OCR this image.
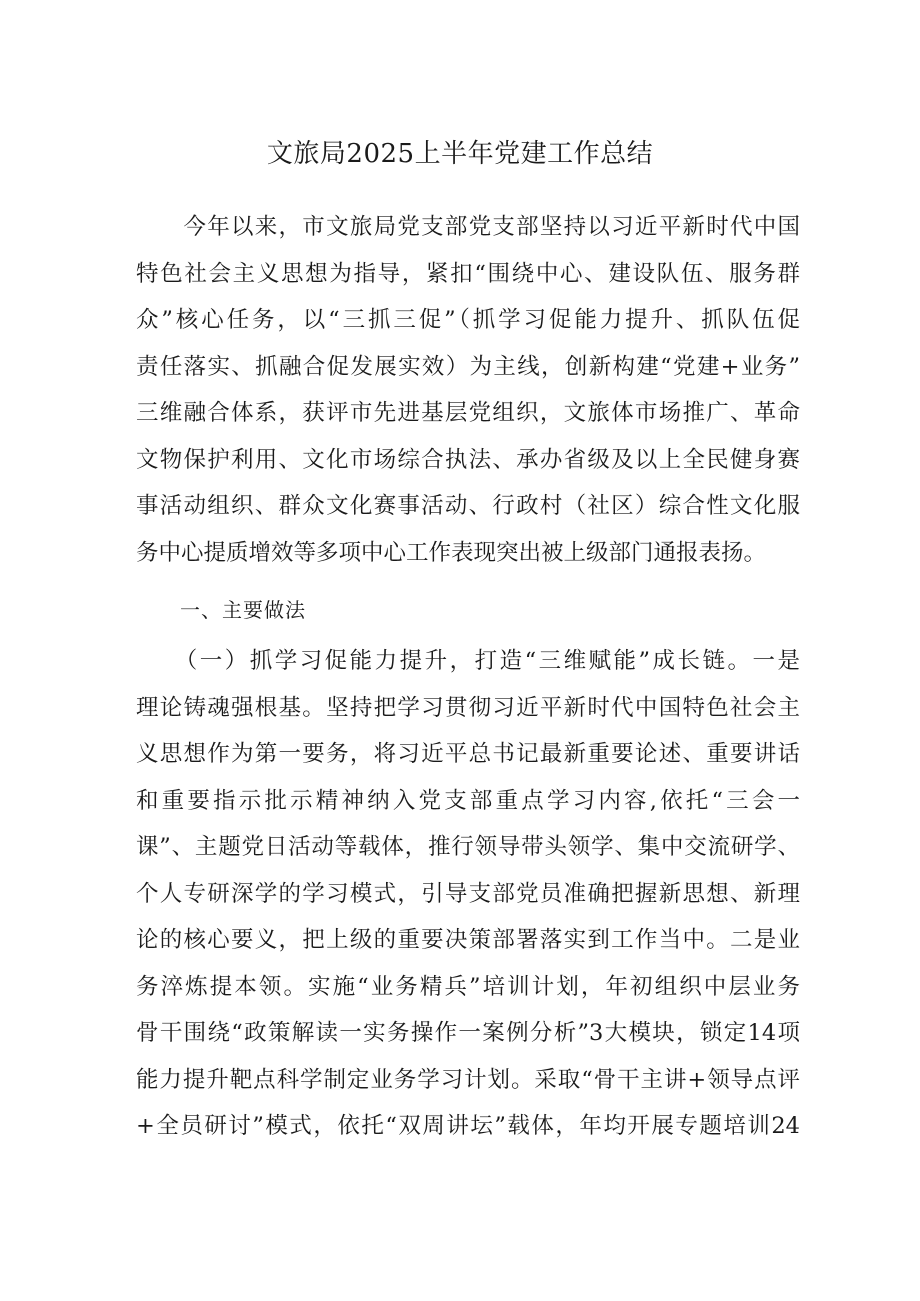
文旅局2025上半年党建工作总结
　　今年以来，市文旅局党支部党支部坚持以习近平新时代中国
特色社会主义思想为指导，紧扣“围绕中心、建设队伍、服务群
众”核心任务，以“三抓三促”（抓学习促能力提升、抓队伍促
责任落实、抓融合促发展实效）为主线，创新构建“党建+业务”
三维融合体系，获评市先进基层党组织，文旅体市场推广、革命
文物保护利用、文化市场综合执法、承办省级及以上全民健身赛
事活动组织、群众文化赛事活动、行政村（社区）综合性文化服
务中心提质增效等多项中心工作表现突出被上级部门通报表扬。
一、主要做法
　　（一）抓学习促能力提升，打造“三维赋能”成长链。一是
理论铸魂强根基。坚持把学习贯彻习近平新时代中国特色社会主
义思想作为第一要务，将习近平总书记最新重要论述、重要讲话
和重要指示批示精神纳入党支部重点学习内容,依托“三会一
课”、主题党日活动等载体，推行领导带头领学、集中交流研学、
个人专研深学的学习模式，引导支部党员准确把握新思想、新理
论的核心要义，把上级的重要决策部署落实到工作当中。二是业
务淬炼提本领。实施“业务精兵”培训计划，年初组织中层业务
骨干围绕“政策解读一实务操作一案例分析”3大模块，锁定14项
能力提升靶点科学制定业务学习计划。采取“骨干主讲+领导点评
+全员研讨”模式，依托“双周讲坛”载体，年均开展专题培训24
